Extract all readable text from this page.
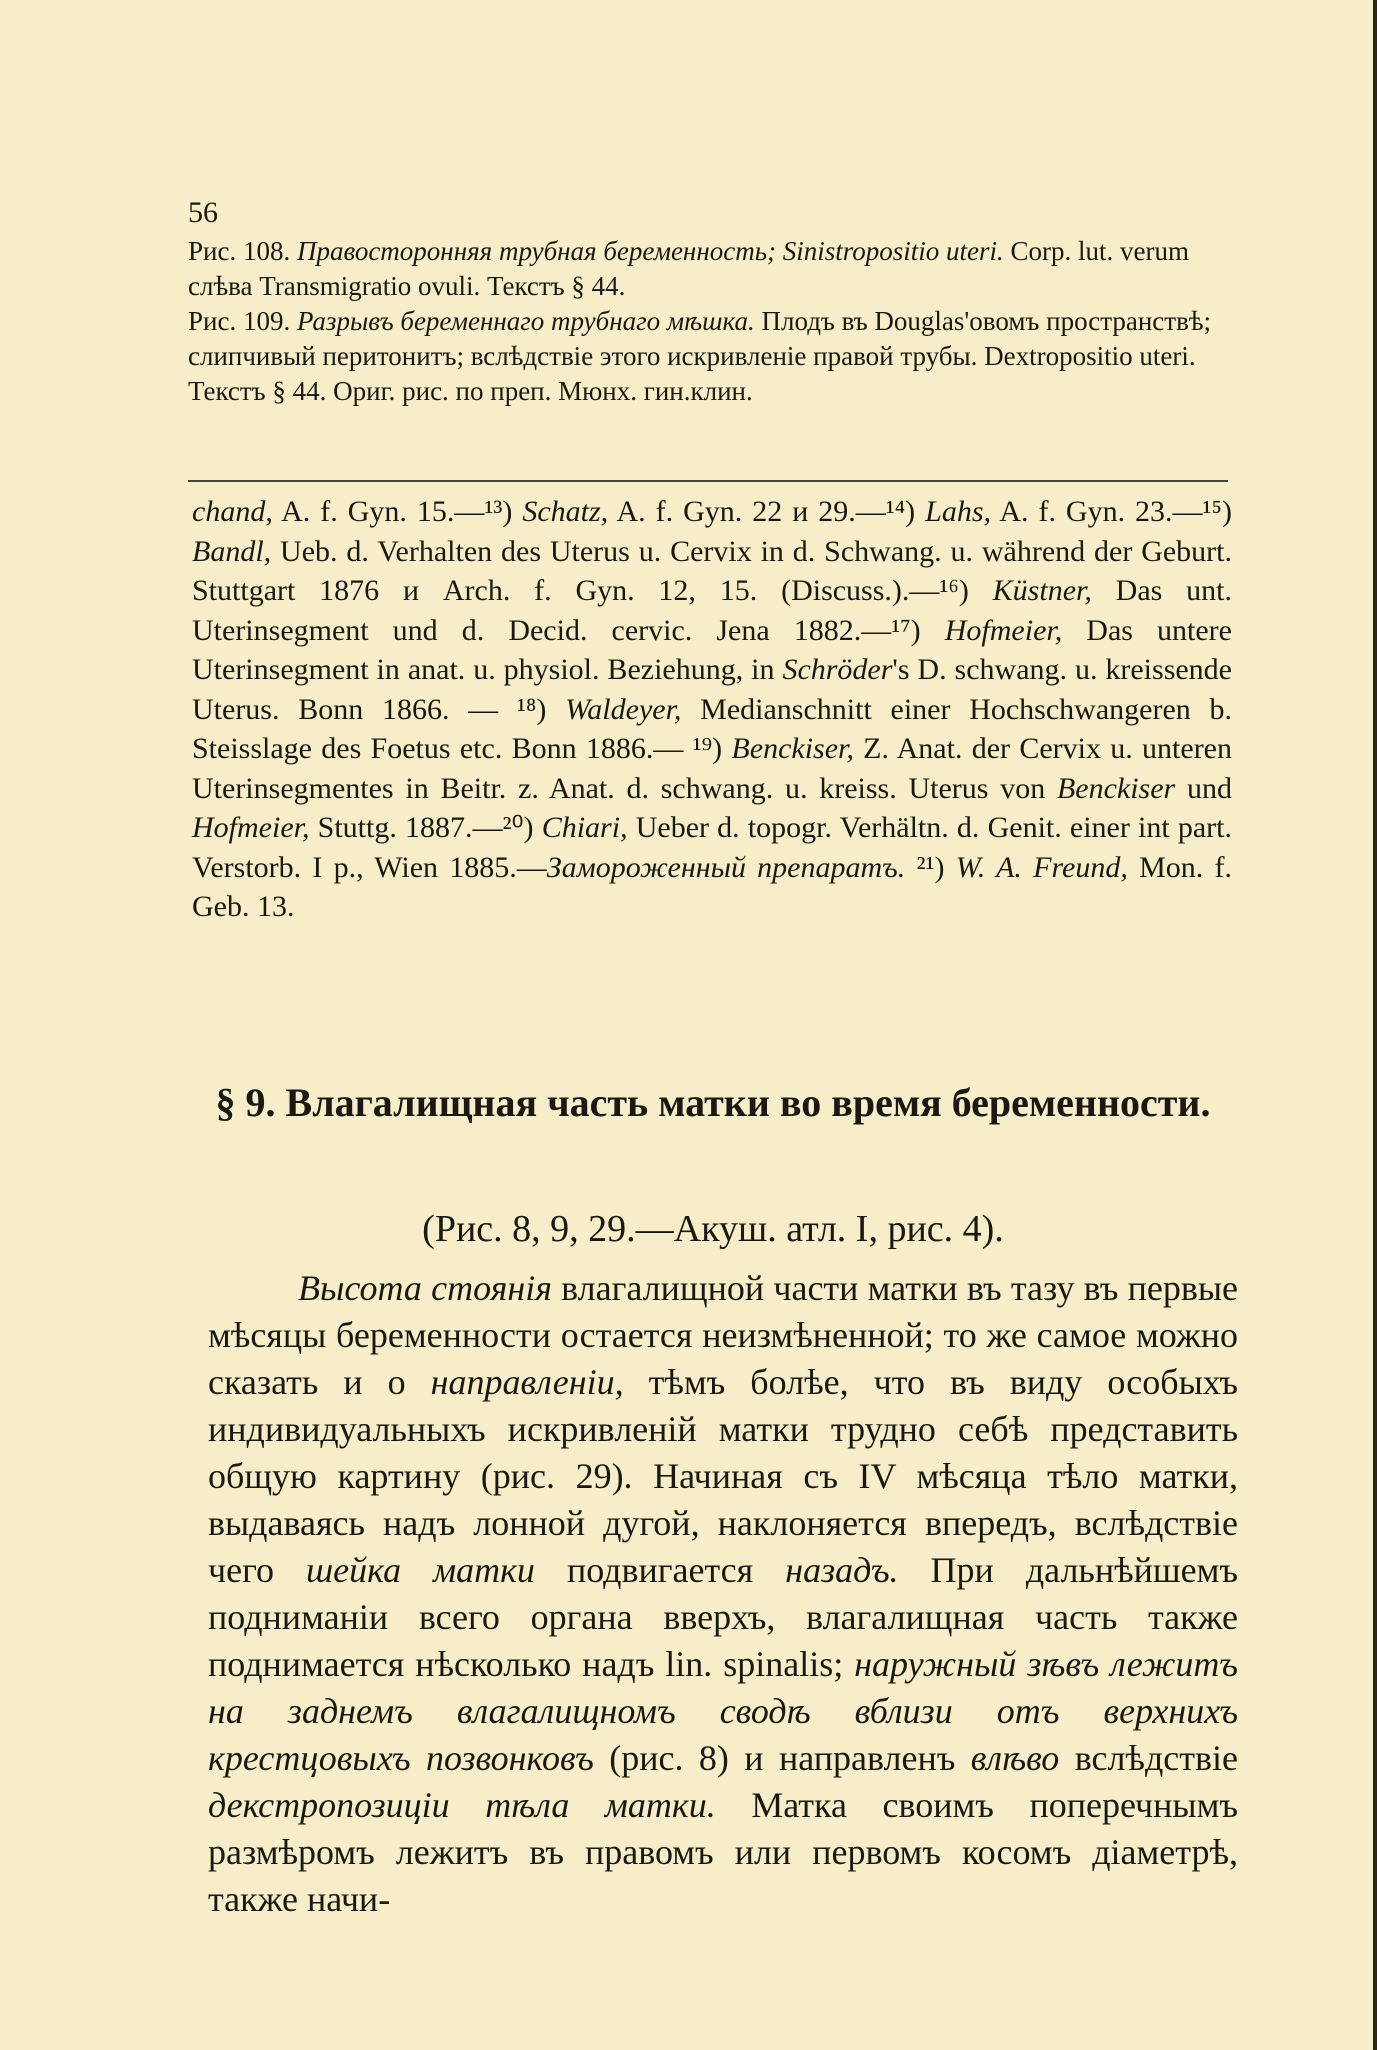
56

Рис. 108. Правосторонняя трубная беременность; Sinistropositio uteri. Corp. lut. verum слѣва Transmigratio ovuli. Текстъ § 44.

Рис. 109. Разрывъ беременнаго трубнаго мѣшка. Плодъ въ Douglas'овомъ пространствѣ; слипчивый перитонитъ; вслѣдствіе этого искривленіе правой трубы. Dextropositio uteri. Текстъ § 44. Ориг. рис. по преп. Мюнх. гин.клин.

chand, A. f. Gyn. 15.—¹³) Schatz, A. f. Gyn. 22 и 29.—¹⁴) Lahs, A. f. Gyn. 23.—¹⁵) Bandl, Ueb. d. Verhalten des Uterus u. Cervix in d. Schwang. u. während der Geburt. Stuttgart 1876 и Arch. f. Gyn. 12, 15. (Discuss.).—¹⁶) Küstner, Das unt. Uterinsegment und d. Decid. cervic. Jena 1882.—¹⁷) Hofmeier, Das untere Uterinsegment in anat. u. physiol. Beziehung, in Schröder's D. schwang. u. kreissende Uterus. Bonn 1866. — ¹⁸) Waldeyer, Medianschnitt einer Hochschwangeren b. Steisslage des Foetus etc. Bonn 1886.— ¹⁹) Benckiser, Z. Anat. der Cervix u. unteren Uterinsegmentes in Beitr. z. Anat. d. schwang. u. kreiss. Uterus von Benckiser und Hofmeier, Stuttg. 1887.—²⁰) Chiari, Ueber d. topogr. Verhältn. d. Genit. einer int part. Verstorb. I p., Wien 1885.—Замороженный препаратъ. ²¹) W. A. Freund, Mon. f. Geb. 13.
§ 9. Влагалищная часть матки во время беременности.
(Рис. 8, 9, 29.—Акуш. атл. I, рис. 4).
Высота стоянія влагалищной части матки въ тазу въ первые мѣсяцы беременности остается неизмѣненной; то же самое можно сказать и о направленіи, тѣмъ болѣе, что въ виду особыхъ индивидуальныхъ искривленій матки трудно себѣ представить общую картину (рис. 29). Начиная съ IV мѣсяца тѣло матки, выдаваясь надъ лонной дугой, наклоняется впередъ, вслѣдствіе чего шейка матки подвигается назадъ. При дальнѣйшемъ подниманіи всего органа вверхъ, влагалищная часть также поднимается нѣсколько надъ lin. spinalis; наружный зѣвъ лежитъ на заднемъ влагалищномъ сводѣ вблизи отъ верхнихъ крестцовыхъ позвонковъ (рис. 8) и направленъ влѣво вслѣдствіе декстропозиціи тѣла матки. Матка своимъ поперечнымъ размѣромъ лежитъ въ правомъ или первомъ косомъ діаметрѣ, также начи-
